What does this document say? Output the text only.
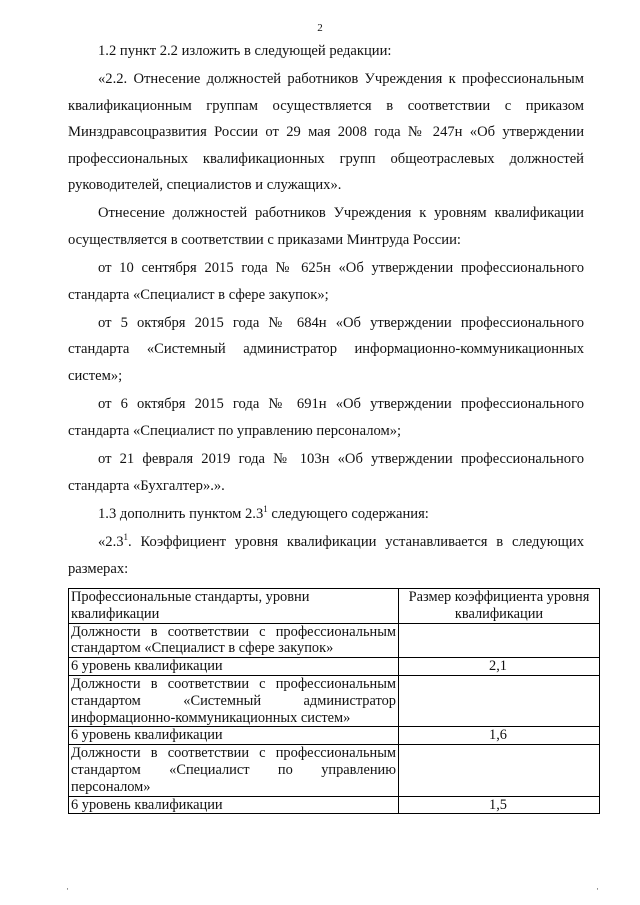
2

1.2 пункт 2.2 изложить в следующей редакции:

«2.2. Отнесение должностей работников Учреждения к профессиональным квалификационным группам осуществляется в соответствии с приказом Минздравсоцразвития России от 29 мая 2008 года № 247н «Об утверждении профессиональных квалификационных групп общеотраслевых должностей руководителей, специалистов и служащих».

Отнесение должностей работников Учреждения к уровням квалификации осуществляется в соответствии с приказами Минтруда России:

от 10 сентября 2015 года № 625н «Об утверждении профессионального стандарта «Специалист в сфере закупок»;

от 5 октября 2015 года № 684н «Об утверждении профессионального стандарта «Системный администратор информационно-коммуникационных систем»;

от 6 октября 2015 года № 691н «Об утверждении профессионального стандарта «Специалист по управлению персоналом»;

от 21 февраля 2019 года № 103н «Об утверждении профессионального стандарта «Бухгалтер».».

1.3 дополнить пунктом $2.3^1$ следующего содержания:

«$2.3^1$. Коэффициент уровня квалификации устанавливается в следующих размерах:

Профессиональные стандарты, уровни квалификации	Размер коэффициента уровня квалификации
Должности в соответствии с профессиональным стандартом «Специалист в сфере закупок»	

6 уровень квалификации	2,1

Должности в соответствии с профессиональным стандартом «Системный администратор информационно-коммуникационных систем»	

6 уровень квалификации	1,6

Должности в соответствии с профессиональным стандартом «Специалист по управлению персоналом»	

6 уровень квалификации	1,5
·	·
